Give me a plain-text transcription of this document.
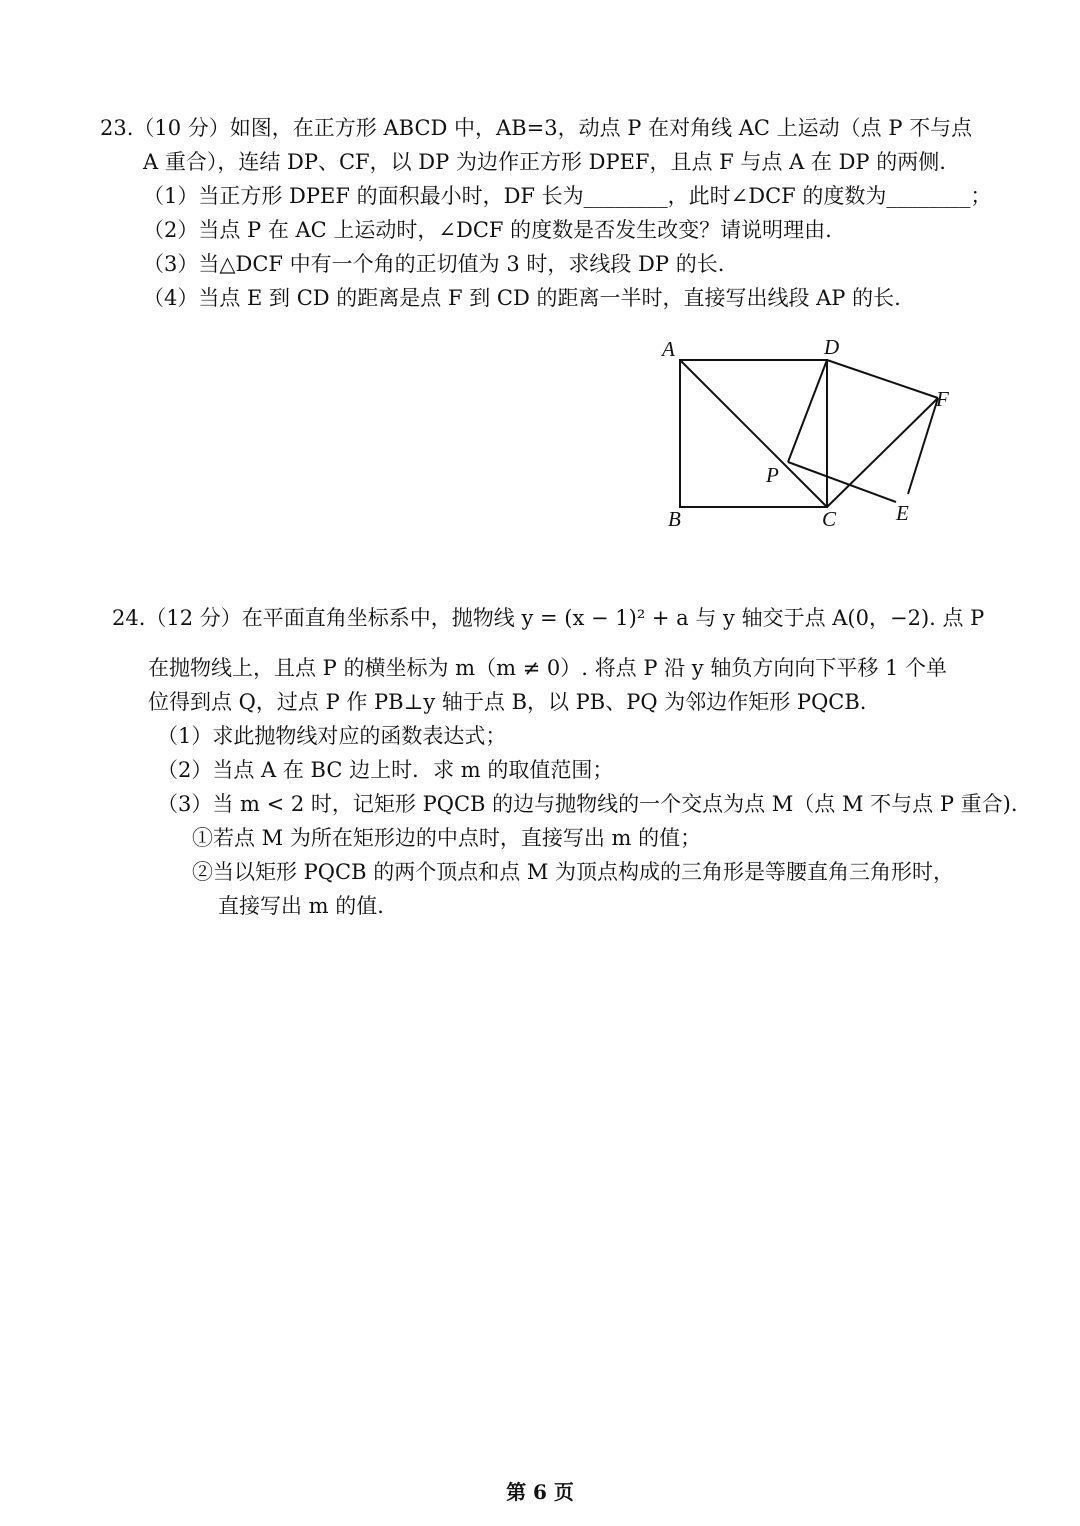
23.（10 分）如图，在正方形 ABCD 中，AB=3，动点 P 在对角线 AC 上运动（点 P 不与点
A 重合），连结 DP、CF，以 DP 为边作正方形 DPEF，且点 F 与点 A 在 DP 的两侧.
（1）当正方形 DPEF 的面积最小时，DF 长为________，此时∠DCF 的度数为________；
（2）当点 P 在 AC 上运动时，∠DCF 的度数是否发生改变？请说明理由.
（3）当△DCF 中有一个角的正切值为 3 时，求线段 DP 的长.
（4）当点 E 到 CD 的距离是点 F 到 CD 的距离一半时，直接写出线段 AP 的长.
A	D
F
P
B	C	E
24.（12 分）在平面直角坐标系中，抛物线 y = (x − 1)² + a 与 y 轴交于点 A(0，−2). 点 P
在抛物线上，且点 P 的横坐标为 m（m ≠ 0）. 将点 P 沿 y 轴负方向向下平移 1 个单
位得到点 Q，过点 P 作 PB⊥y 轴于点 B，以 PB、PQ 为邻边作矩形 PQCB.
（1）求此抛物线对应的函数表达式；
（2）当点 A 在 BC 边上时．求 m 的取值范围；
（3）当 m < 2 时，记矩形 PQCB 的边与抛物线的一个交点为点 M（点 M 不与点 P 重合).
①若点 M 为所在矩形边的中点时，直接写出 m 的值；
②当以矩形 PQCB 的两个顶点和点 M 为顶点构成的三角形是等腰直角三角形时，
直接写出 m 的值.
第 6 页
